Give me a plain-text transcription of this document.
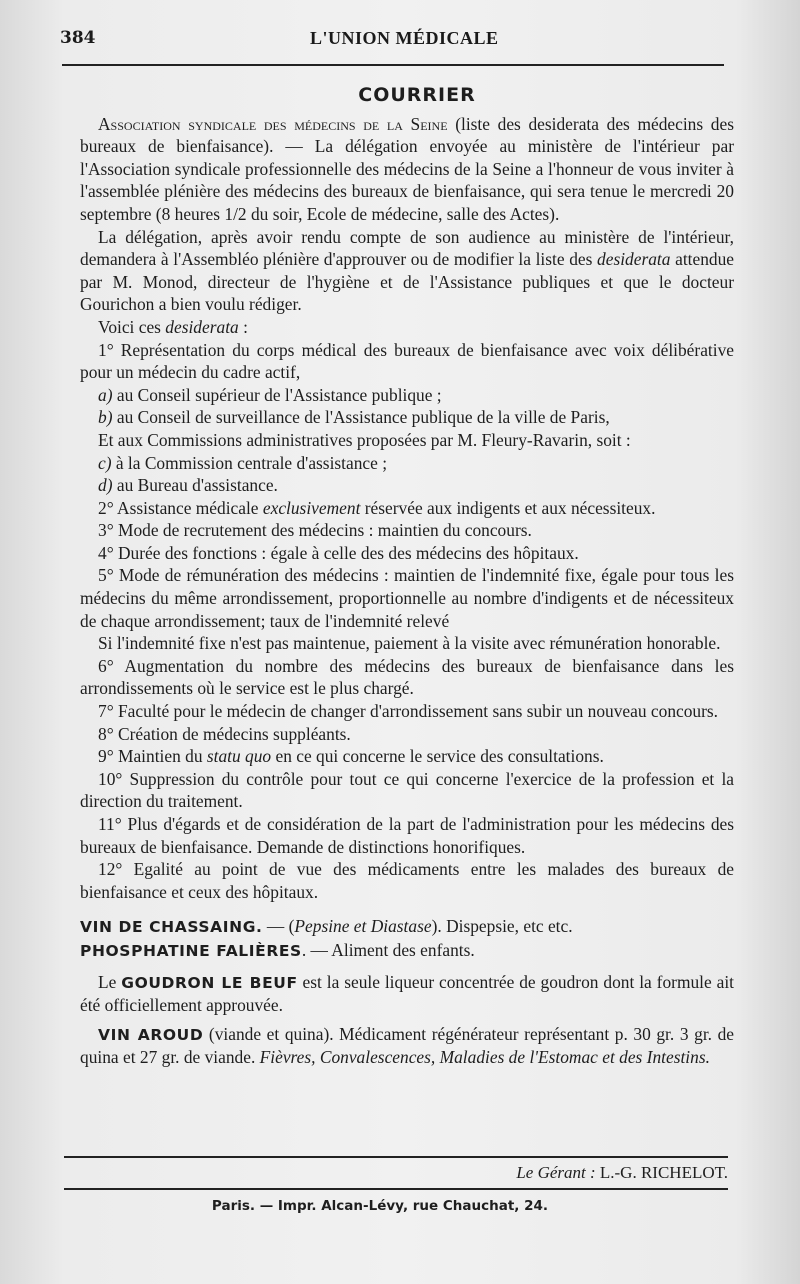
384	L'UNION MÉDICALE
COURRIER

Association syndicale des médecins de la Seine (liste des desiderata des médecins des bureaux de bienfaisance). — La délégation envoyée au ministère de l'intérieur par l'Association syndicale professionnelle des médecins de la Seine a l'honneur de vous inviter à l'assemblée plénière des médecins des bureaux de bienfaisance, qui sera tenue le mercredi 20 septembre (8 heures 1/2 du soir, Ecole de médecine, salle des Actes).

La délégation, après avoir rendu compte de son audience au ministère de l'intérieur, demandera à l'Assembléo plénière d'approuver ou de modifier la liste des desiderata attendue par M. Monod, directeur de l'hygiène et de l'Assistance publiques et que le docteur Gourichon a bien voulu rédiger.

Voici ces desiderata :

1° Représentation du corps médical des bureaux de bienfaisance avec voix délibérative pour un médecin du cadre actif,

a) au Conseil supérieur de l'Assistance publique ;

b) au Conseil de surveillance de l'Assistance publique de la ville de Paris,

Et aux Commissions administratives proposées par M. Fleury-Ravarin, soit :

c) à la Commission centrale d'assistance ;

d) au Bureau d'assistance.

2° Assistance médicale exclusivement réservée aux indigents et aux nécessiteux.

3° Mode de recrutement des médecins : maintien du concours.

4° Durée des fonctions : égale à celle des des médecins des hôpitaux.

5° Mode de rémunération des médecins : maintien de l'indemnité fixe, égale pour tous les médecins du même arrondissement, proportionnelle au nombre d'indigents et de nécessiteux de chaque arrondissement; taux de l'indemnité relevé

Si l'indemnité fixe n'est pas maintenue, paiement à la visite avec rémunération honorable.

6° Augmentation du nombre des médecins des bureaux de bienfaisance dans les arrondissements où le service est le plus chargé.

7° Faculté pour le médecin de changer d'arrondissement sans subir un nouveau concours.

8° Création de médecins suppléants.

9° Maintien du statu quo en ce qui concerne le service des consultations.

10° Suppression du contrôle pour tout ce qui concerne l'exercice de la profession et la direction du traitement.

11° Plus d'égards et de considération de la part de l'administration pour les médecins des bureaux de bienfaisance. Demande de distinctions honorifiques.

12° Egalité au point de vue des médicaments entre les malades des bureaux de bienfaisance et ceux des hôpitaux.

VIN DE CHASSAING. — (Pepsine et Diastase). Dispepsie, etc etc.

PHOSPHATINE FALIÈRES. — Aliment des enfants.

Le GOUDRON LE BEUF est la seule liqueur concentrée de goudron dont la formule ait été officiellement approuvée.

VIN AROUD (viande et quina). Médicament régénérateur représentant p. 30 gr. 3 gr. de quina et 27 gr. de viande. Fièvres, Convalescences, Maladies de l'Estomac et des Intestins.

Le Gérant : L.-G. RICHELOT.
Paris. — Impr. Alcan-Lévy, rue Chauchat, 24.
